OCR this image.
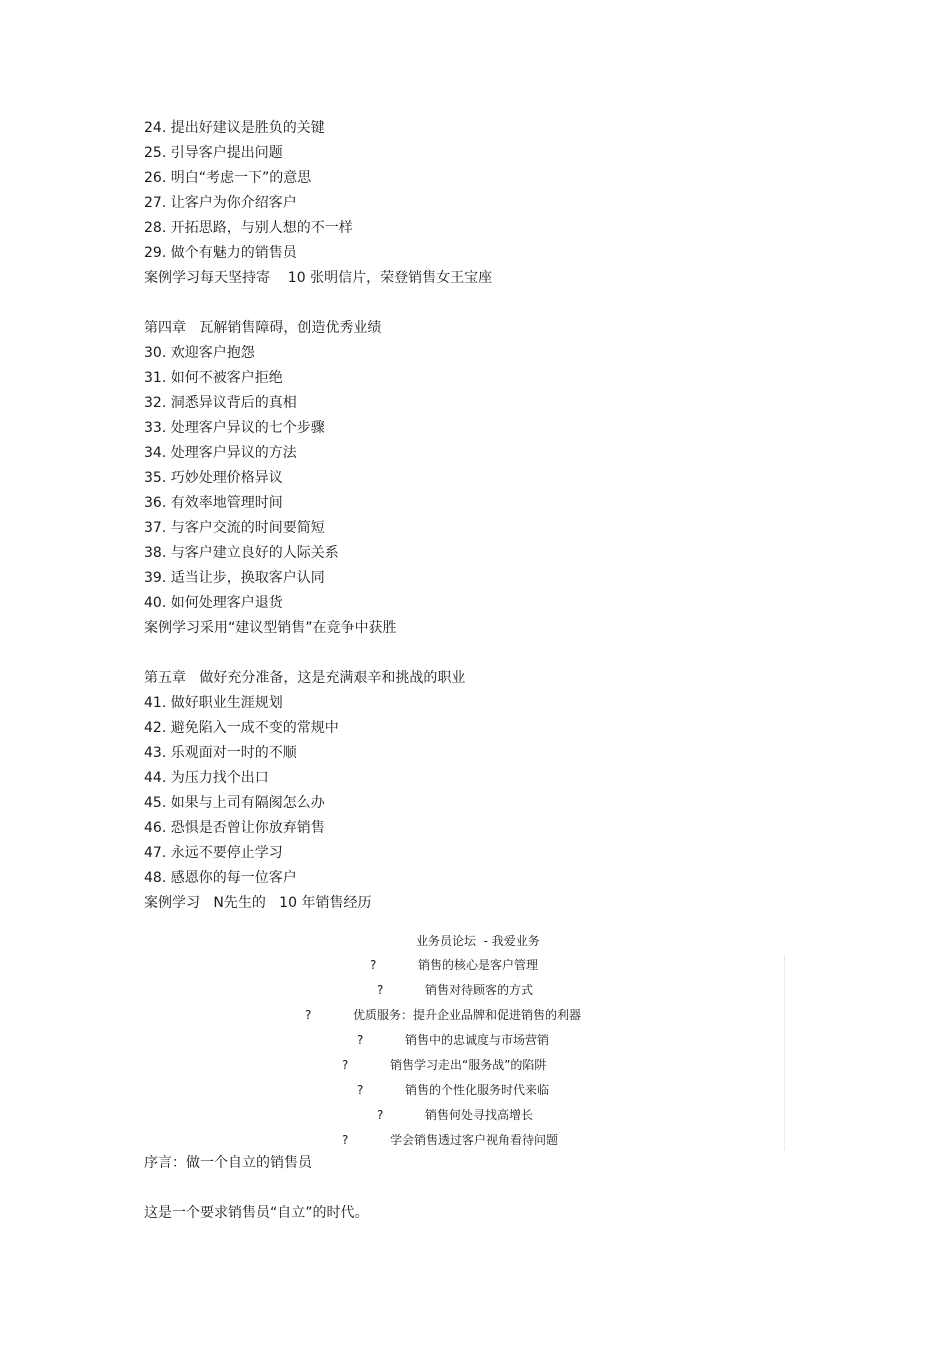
24. 提出好建议是胜负的关键
25. 引导客户提出问题
26. 明白“考虑一下”的意思
27. 让客户为你介绍客户
28. 开拓思路，与别人想的不一样
29. 做个有魅力的销售员
案例学习每天坚持寄    10 张明信片，荣登销售女王宝座
第四章   瓦解销售障碍，创造优秀业绩
30. 欢迎客户抱怨
31. 如何不被客户拒绝
32. 洞悉异议背后的真相
33. 处理客户异议的七个步骤
34. 处理客户异议的方法
35. 巧妙处理价格异议
36. 有效率地管理时间
37. 与客户交流的时间要简短
38. 与客户建立良好的人际关系
39. 适当让步，换取客户认同
40. 如何处理客户退货
案例学习采用“建议型销售”在竞争中获胜
第五章   做好充分准备，这是充满艰辛和挑战的职业
41. 做好职业生涯规划
42. 避免陷入一成不变的常规中
43. 乐观面对一时的不顺
44. 为压力找个出口
45. 如果与上司有隔阂怎么办
46. 恐惧是否曾让你放弃销售
47. 永远不要停止学习
48. 感恩你的每一位客户
案例学习   N先生的   10 年销售经历
业务员论坛  - 我爱业务
?	销售的核心是客户管理
?	销售对待顾客的方式
?	优质服务：提升企业品牌和促进销售的利器
?	销售中的忠诚度与市场营销
?	销售学习走出“服务战”的陷阱
?	销售的个性化服务时代来临
?	销售何处寻找高增长
?	学会销售透过客户视角看待问题
序言：做一个自立的销售员
这是一个要求销售员“自立”的时代。
